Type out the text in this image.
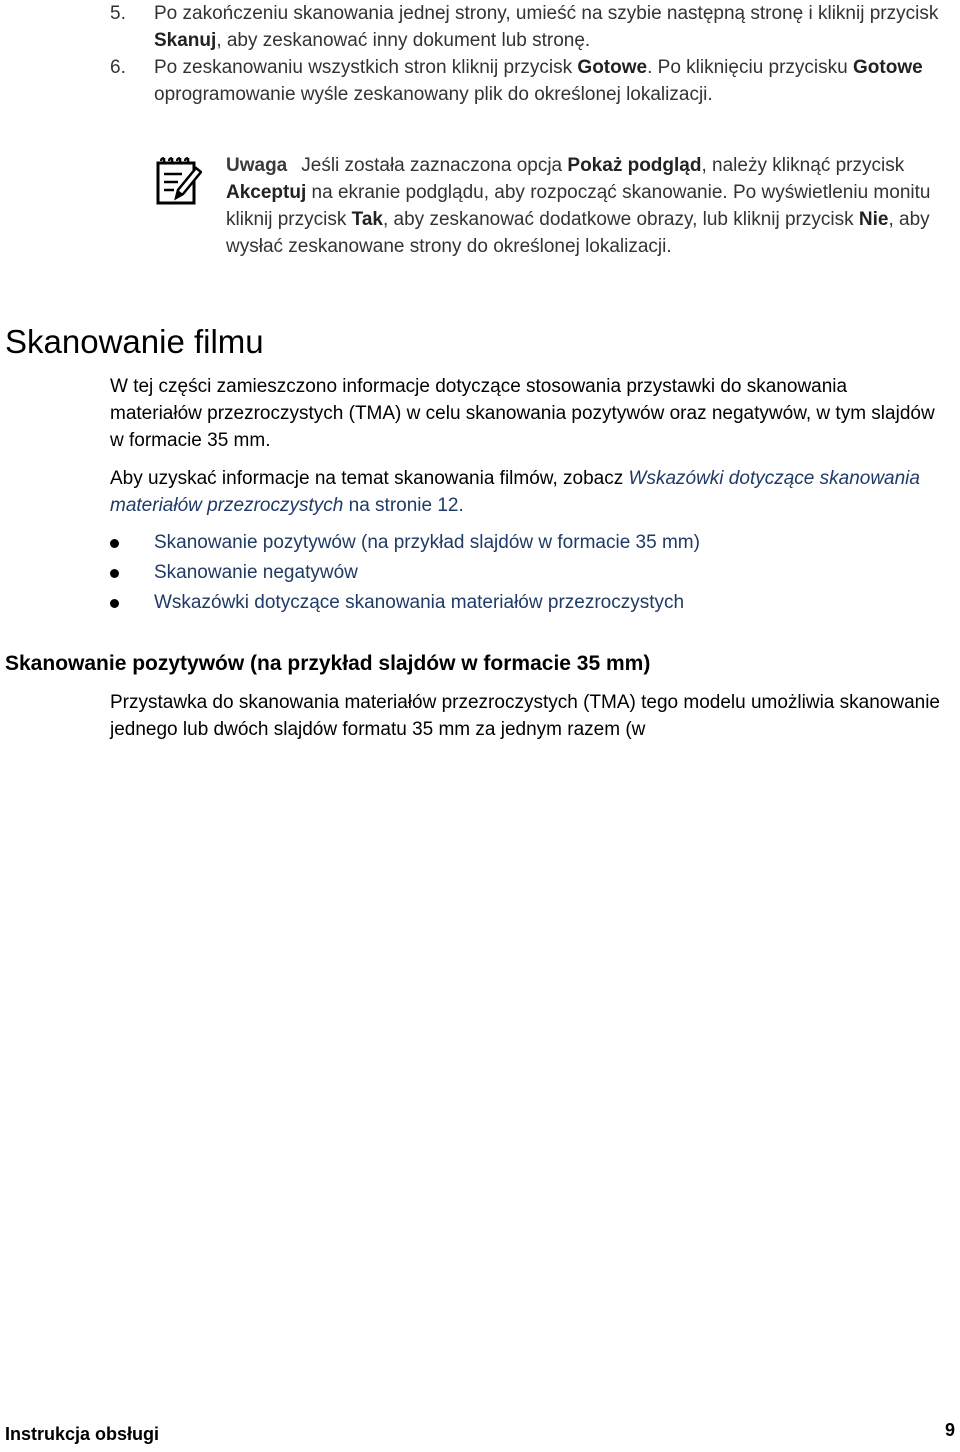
5. Po zakończeniu skanowania jednej strony, umieść na szybie następną stronę i kliknij przycisk Skanuj, aby zeskanować inny dokument lub stronę.
6. Po zeskanowaniu wszystkich stron kliknij przycisk Gotowe. Po kliknięciu przycisku Gotowe oprogramowanie wyśle zeskanowany plik do określonej lokalizacji.
Uwaga Jeśli została zaznaczona opcja Pokaż podgląd, należy kliknąć przycisk Akceptuj na ekranie podglądu, aby rozpocząć skanowanie. Po wyświetleniu monitu kliknij przycisk Tak, aby zeskanować dodatkowe obrazy, lub kliknij przycisk Nie, aby wysłać zeskanowane strony do określonej lokalizacji.
Skanowanie filmu

W tej części zamieszczono informacje dotyczące stosowania przystawki do skanowania materiałów przezroczystych (TMA) w celu skanowania pozytywów oraz negatywów, w tym slajdów w formacie 35 mm.

Aby uzyskać informacje na temat skanowania filmów, zobacz Wskazówki dotyczące skanowania materiałów przezroczystych na stronie 12.

Skanowanie pozytywów (na przykład slajdów w formacie 35 mm)
Skanowanie negatywów
Wskazówki dotyczące skanowania materiałów przezroczystych
Skanowanie pozytywów (na przykład slajdów w formacie 35 mm)

Przystawka do skanowania materiałów przezroczystych (TMA) tego modelu umożliwia skanowanie jednego lub dwóch slajdów formatu 35 mm za jednym razem (w

Instrukcja obsługi	9
